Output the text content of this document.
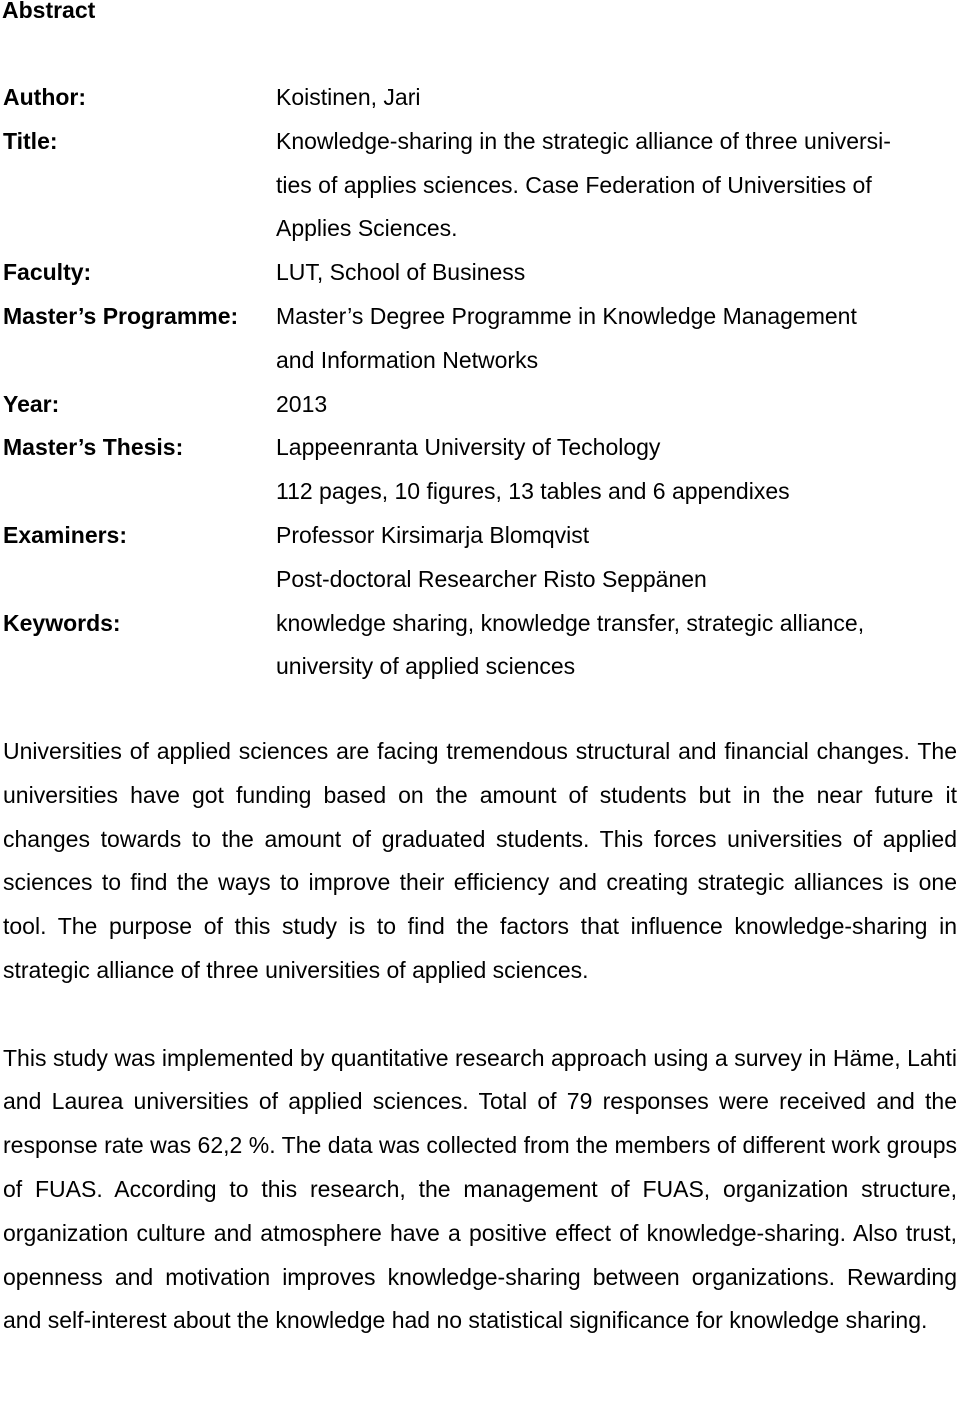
Abstract
Author:	Koistinen, Jari
Title:	Knowledge-sharing in the strategic alliance of three universi-
ties of applies sciences. Case Federation of Universities of
Applies Sciences.
Faculty:	LUT, School of Business
Master’s Programme:	Master’s Degree Programme in Knowledge Management
and Information Networks
Year:	2013
Master’s Thesis:	Lappeenranta University of Techology
112 pages, 10 figures, 13 tables and 6 appendixes
Examiners:	Professor Kirsimarja Blomqvist
Post-doctoral Researcher Risto Seppänen
Keywords:	knowledge sharing, knowledge transfer, strategic alliance,
university of applied sciences

Universities of applied sciences are facing tremendous structural and financial changes. The universities have got funding based on the amount of students but in the near future it changes towards to the amount of graduated students. This forces universities of applied sciences to find the ways to improve their efficiency and creating strategic alliances is one tool. The purpose of this study is to find the factors that influence knowledge-sharing in strategic alliance of three universities of applied sciences.

This study was implemented by quantitative research approach using a survey in Häme, Lahti and Laurea universities of applied sciences. Total of 79 responses were received and the response rate was 62,2 %. The data was collected from the members of different work groups of FUAS. According to this research, the management of FUAS, organization structure, organization culture and atmosphere have a positive effect of knowledge-sharing. Also trust, openness and motivation improves knowledge-sharing between organizations. Rewarding and self-interest about the knowledge had no statistical significance for knowledge sharing.
